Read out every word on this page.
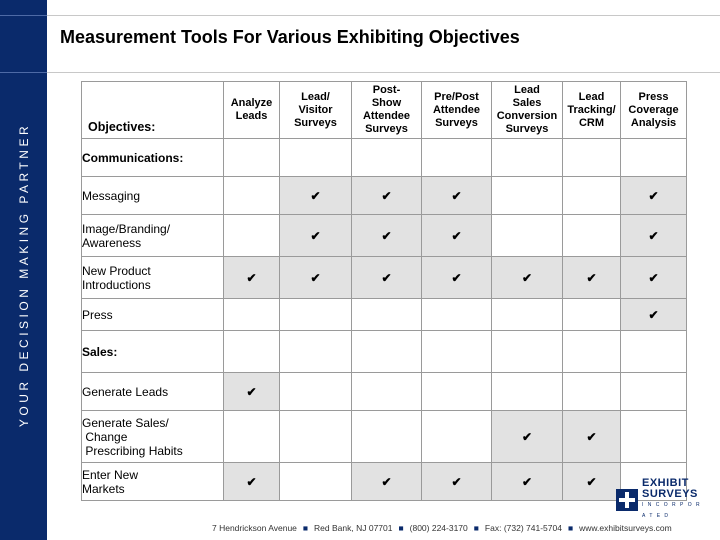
YOUR DECISION MAKING PARTNER
Measurement Tools For Various Exhibiting Objectives
Objectives:	Analyze
Leads	Lead/
Visitor
Surveys	Post-
Show
Attendee
Surveys	Pre/Post
Attendee
Surveys	Lead
Sales
Conversion
Surveys	Lead
Tracking/
CRM	Press
Coverage
Analysis
Communications:							
Messaging		✔	✔	✔			✔
Image/Branding/
Awareness		✔	✔	✔			✔
New Product
Introductions	✔	✔	✔	✔	✔	✔	✔
Press							✔
Sales:							
Generate Leads	✔						
Generate Sales/
Change
Prescribing Habits					✔	✔	
Enter New
Markets	✔		✔	✔	✔	✔		EXHIBIT
SURVEYS
I N C O R P O R A T E D
7 Hendrickson Avenue ■ Red Bank, NJ 07701 ■ (800) 224-3170 ■ Fax: (732) 741-5704 ■ www.exhibitsurveys.com
